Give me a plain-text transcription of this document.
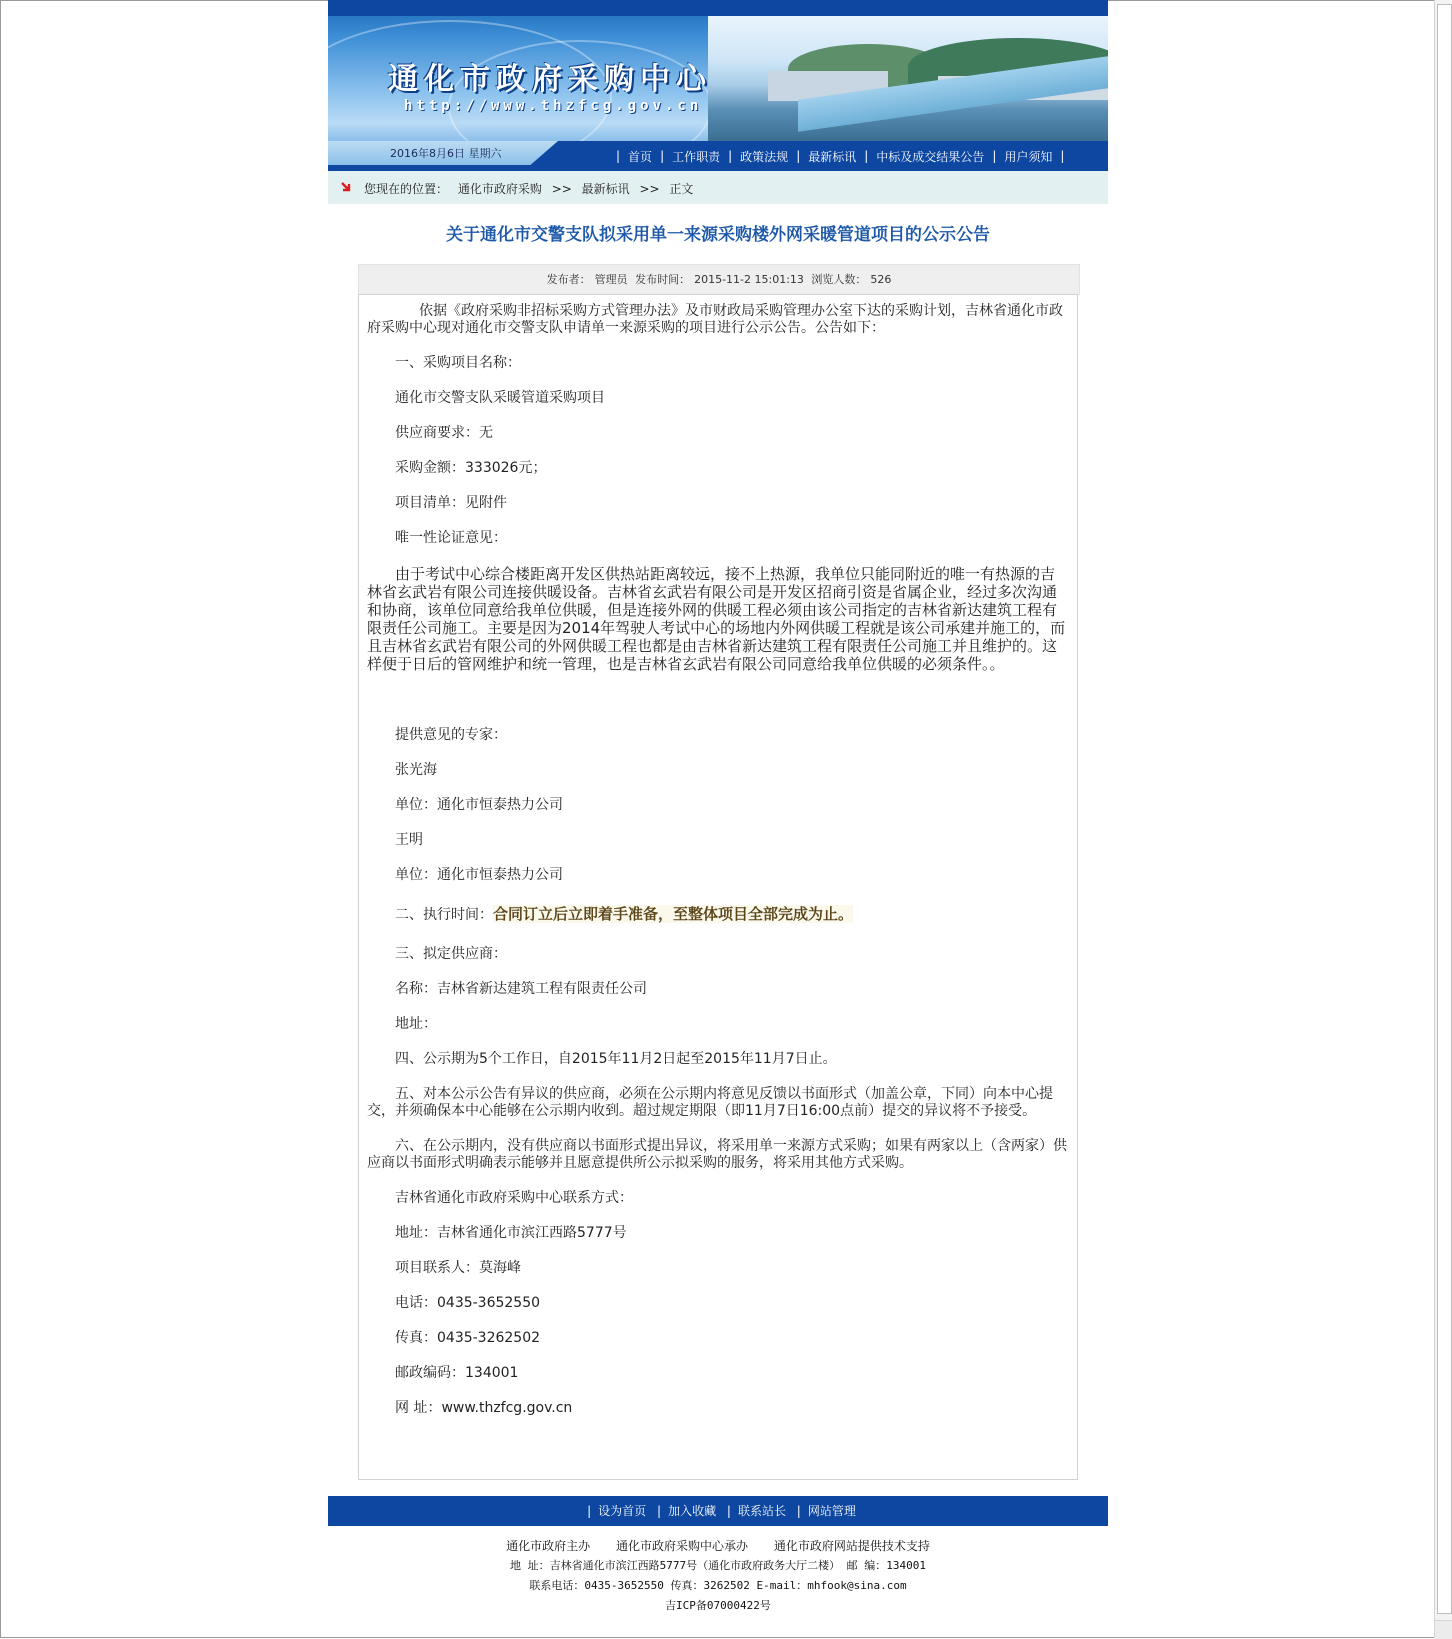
通化市政府采购中心
http://www.thzfcg.gov.cn
2016年8月6日 星期六	| 首页 | 工作职责 | 政策法规 | 最新标讯 | 中标及成交结果公告 | 用户须知 |
您现在的位置： 通化市政府采购 >> 最新标讯 >> 正文
关于通化市交警支队拟采用单一来源采购楼外网采暖管道项目的公示公告
发布者： 管理员 发布时间： 2015-11-2 15:01:13 浏览人数： 526

依据《政府采购非招标采购方式管理办法》及市财政局采购管理办公室下达的采购计划，吉林省通化市政府采购中心现对通化市交警支队申请单一来源采购的项目进行公示公告。公告如下：

一、采购项目名称：

通化市交警支队采暖管道采购项目

供应商要求：无

采购金额：333026元；

项目清单：见附件

唯一性论证意见：

由于考试中心综合楼距离开发区供热站距离较远，接不上热源，我单位只能同附近的唯一有热源的吉林省玄武岩有限公司连接供暖设备。吉林省玄武岩有限公司是开发区招商引资是省属企业，经过多次沟通和协商，该单位同意给我单位供暖，但是连接外网的供暖工程必须由该公司指定的吉林省新达建筑工程有限责任公司施工。主要是因为2014年驾驶人考试中心的场地内外网供暖工程就是该公司承建并施工的，而且吉林省玄武岩有限公司的外网供暖工程也都是由吉林省新达建筑工程有限责任公司施工并且维护的。这样便于日后的管网维护和统一管理，也是吉林省玄武岩有限公司同意给我单位供暖的必须条件。。

提供意见的专家：

张光海

单位：通化市恒泰热力公司

王明

单位：通化市恒泰热力公司

二、执行时间：合同订立后立即着手准备，至整体项目全部完成为止。

三、拟定供应商：

名称：吉林省新达建筑工程有限责任公司

地址：

四、公示期为5个工作日，自2015年11月2日起至2015年11月7日止。

五、对本公示公告有异议的供应商，必须在公示期内将意见反馈以书面形式（加盖公章，下同）向本中心提交，并须确保本中心能够在公示期内收到。超过规定期限（即11月7日16:00点前）提交的异议将不予接受。

六、在公示期内，没有供应商以书面形式提出异议，将采用单一来源方式采购；如果有两家以上（含两家）供应商以书面形式明确表示能够并且愿意提供所公示拟采购的服务，将采用其他方式采购。

吉林省通化市政府采购中心联系方式：

地址：吉林省通化市滨江西路5777号

项目联系人：莫海峰

电话：0435-3652550

传真：0435-3262502

邮政编码：134001

网 址：www.thzfcg.gov.cn

| 设为首页 | 加入收藏 | 联系站长 | 网站管理
通化市政府主办 通化市政府采购中心承办 通化市政府网站提供技术支持
地 址：吉林省通化市滨江西路5777号（通化市政府政务大厅二楼） 邮 编：134001
联系电话：0435-3652550 传真：3262502 E-mail：mhfook@sina.com
吉ICP备07000422号
